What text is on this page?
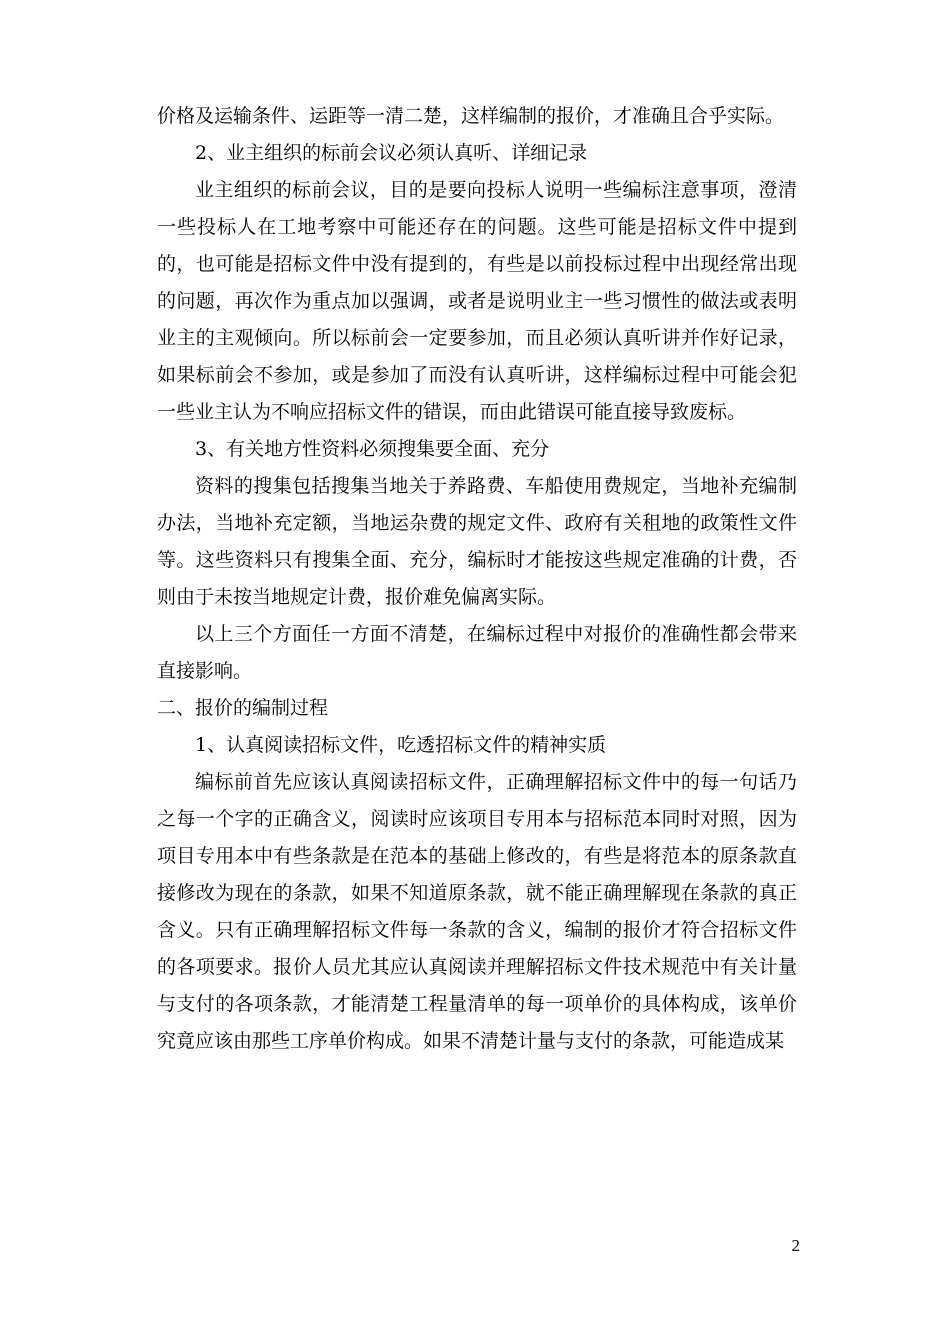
价格及运输条件、运距等一清二楚，这样编制的报价，才准确且合乎实际。

2、业主组织的标前会议必须认真听、详细记录

业主组织的标前会议，目的是要向投标人说明一些编标注意事项，澄清一些投标人在工地考察中可能还存在的问题。这些可能是招标文件中提到的，也可能是招标文件中没有提到的，有些是以前投标过程中出现经常出现的问题，再次作为重点加以强调，或者是说明业主一些习惯性的做法或表明业主的主观倾向。所以标前会一定要参加，而且必须认真听讲并作好记录，如果标前会不参加，或是参加了而没有认真听讲，这样编标过程中可能会犯一些业主认为不响应招标文件的错误，而由此错误可能直接导致废标。

3、有关地方性资料必须搜集要全面、充分

资料的搜集包括搜集当地关于养路费、车船使用费规定，当地补充编制办法，当地补充定额，当地运杂费的规定文件、政府有关租地的政策性文件等。这些资料只有搜集全面、充分，编标时才能按这些规定准确的计费，否则由于未按当地规定计费，报价难免偏离实际。

以上三个方面任一方面不清楚，在编标过程中对报价的准确性都会带来直接影响。

二、报价的编制过程

1、认真阅读招标文件，吃透招标文件的精神实质

编标前首先应该认真阅读招标文件，正确理解招标文件中的每一句话乃之每一个字的正确含义，阅读时应该项目专用本与招标范本同时对照，因为项目专用本中有些条款是在范本的基础上修改的，有些是将范本的原条款直接修改为现在的条款，如果不知道原条款，就不能正确理解现在条款的真正含义。只有正确理解招标文件每一条款的含义，编制的报价才符合招标文件的各项要求。报价人员尤其应认真阅读并理解招标文件技术规范中有关计量与支付的各项条款，才能清楚工程量清单的每一项单价的具体构成，该单价究竟应该由那些工序单价构成。如果不清楚计量与支付的条款，可能造成某

2
